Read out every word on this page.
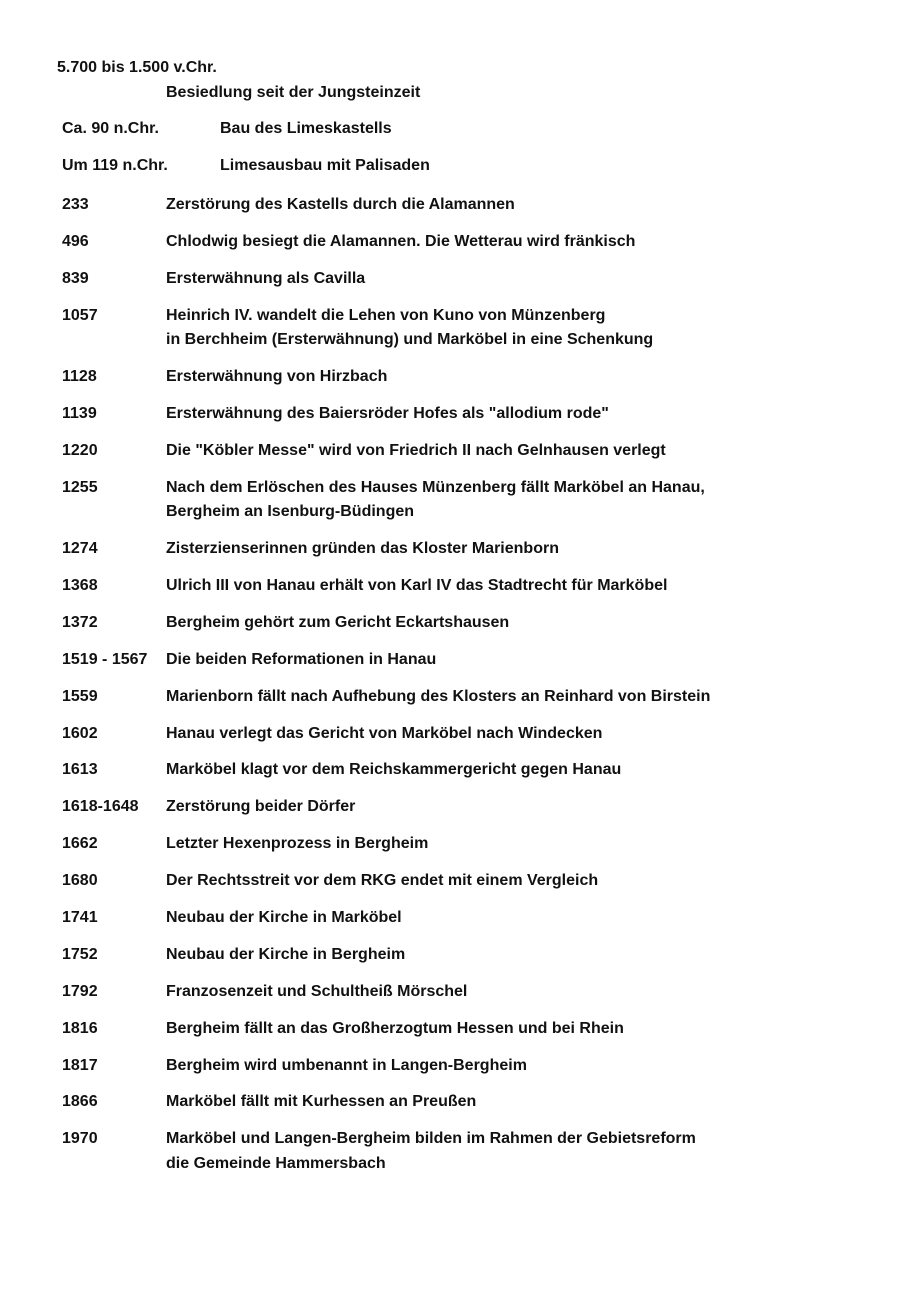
5.700 bis 1.500 v.Chr.
Besiedlung seit der Jungsteinzeit
Ca. 90 n.Chr.	Bau des Limeskastells
Um 119 n.Chr.	Limesausbau mit Palisaden
233	Zerstörung des Kastells durch die Alamannen
496	Chlodwig besiegt die Alamannen. Die Wetterau wird fränkisch
839	Ersterwähnung als Cavilla
1057	Heinrich IV. wandelt die Lehen von Kuno von Münzenberg
in Berchheim (Ersterwähnung) und Marköbel in eine Schenkung
1128	Ersterwähnung von Hirzbach
1139	Ersterwähnung des Baiersröder Hofes als "allodium rode"
1220	Die "Köbler Messe" wird von Friedrich II nach Gelnhausen verlegt
1255	Nach dem Erlöschen des Hauses Münzenberg fällt Marköbel an Hanau,
Bergheim an Isenburg-Büdingen
1274	Zisterzienserinnen gründen das Kloster Marienborn
1368	Ulrich III von Hanau erhält von Karl IV das Stadtrecht für Marköbel
1372	Bergheim gehört zum Gericht Eckartshausen
1519 - 1567	Die beiden Reformationen in Hanau
1559	Marienborn fällt nach Aufhebung des Klosters an Reinhard von Birstein
1602	Hanau verlegt das Gericht von Marköbel nach Windecken
1613	Marköbel klagt vor dem Reichskammergericht gegen Hanau
1618-1648	Zerstörung beider Dörfer
1662	Letzter Hexenprozess in Bergheim
1680	Der Rechtsstreit vor dem RKG endet mit einem Vergleich
1741	Neubau der Kirche in Marköbel
1752	Neubau der Kirche in Bergheim
1792	Franzosenzeit und Schultheiß Mörschel
1816	Bergheim fällt an das Großherzogtum Hessen und bei Rhein
1817	Bergheim wird umbenannt in Langen-Bergheim
1866	Marköbel fällt mit Kurhessen an Preußen
1970	Marköbel und Langen-Bergheim bilden im Rahmen der Gebietsreform
die Gemeinde Hammersbach
